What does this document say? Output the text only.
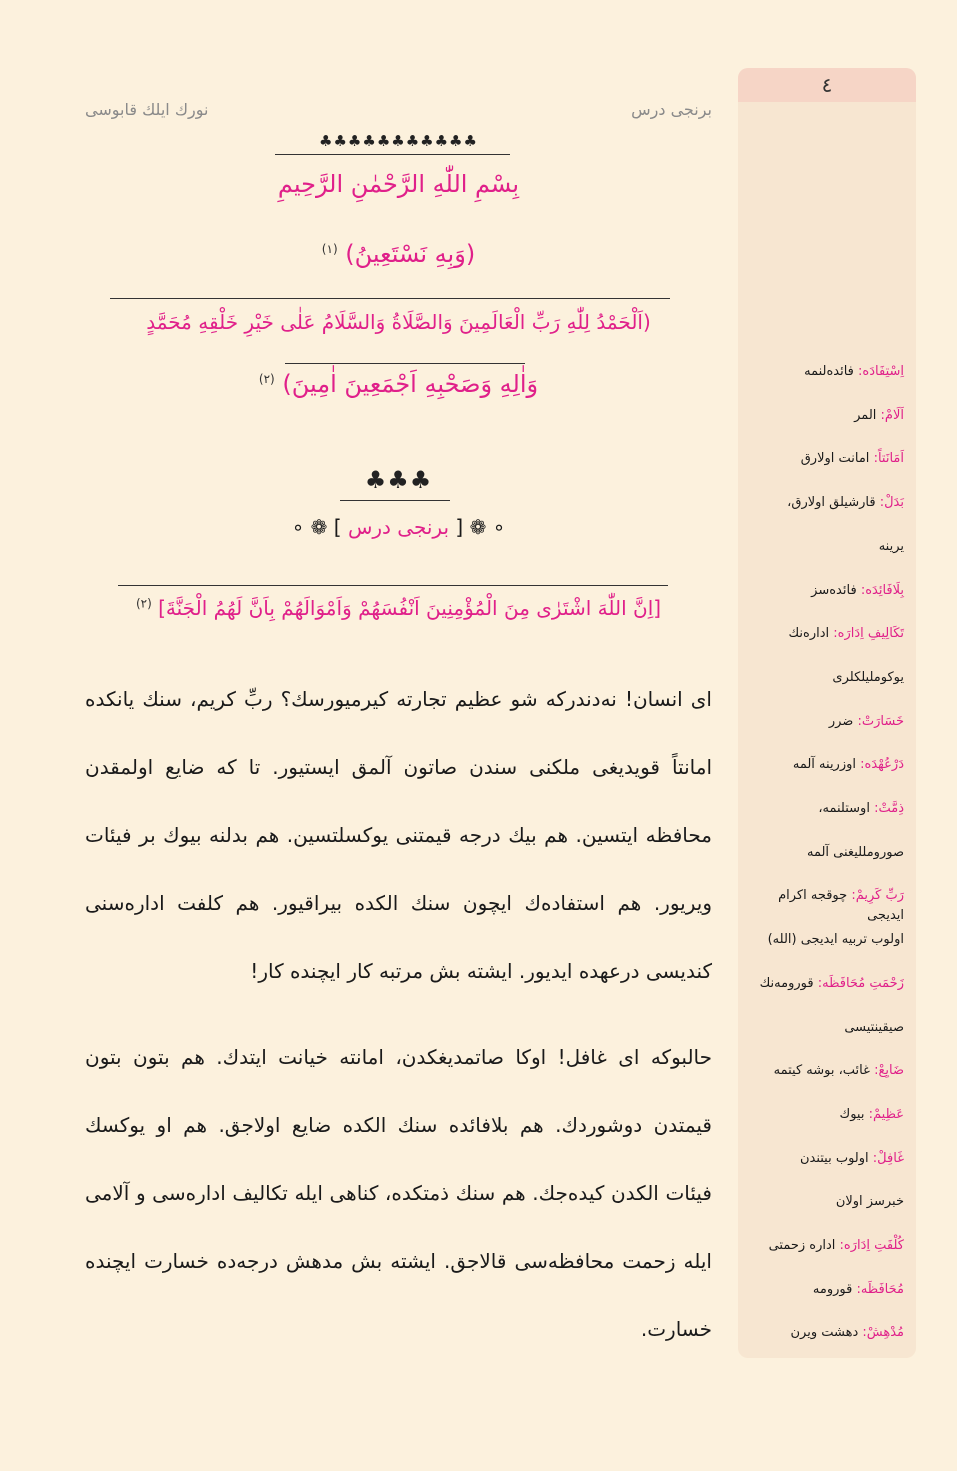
برنجی درس
نورك ايلك قابوسی
♣♣♣♣♣♣♣♣♣♣♣
بِسْمِ اللّٰهِ الرَّحْمٰنِ الرَّحِيمِ
(وَبِهِ نَسْتَعِينُ) $^{(١)}$
(اَلْحَمْدُ لِلّٰهِ رَبِّ الْعَالَمِينَ وَالصَّلَاةُ وَالسَّلَامُ عَلٰى خَيْرِ خَلْقِهِ مُحَمَّدٍ
وَاٰلِهِ وَصَحْبِهِ اَجْمَعِينَ اٰمِينَ) $^{(٢)}$
♣♣♣
∘ ❁ [ برنجی درس ] ❁ ∘
[اِنَّ اللّٰهَ اشْتَرٰى مِنَ الْمُؤْمِنِينَ اَنْفُسَهُمْ وَاَمْوَالَهُمْ بِاَنَّ لَهُمُ الْجَنَّةَ] $^{(٢)}$
ای انسان! نه‌دندرکه شو عظیم تجارته کیرمیورسك؟ ربِّ کریم، سنك یانکده امانتاً قویدیغی ملکنی سندن صاتون آلمق ایستیور. تا که ضایع اولمقدن محافظه ایتسین. هم بیك درجه قیمتنی یوکسلتسین. هم بدلنه بیوك بر فیئات ویریور. هم استفاده‌ك ایچون سنك الکده بیراقیور. هم کلفت اداره‌سنی کندیسی درعهده ایدیور. ایشته بش مرتبه کار ایچنده کار!
حالبوکه ای غافل! اوکا صاتمدیغکدن، امانته خیانت ایتدك. هم بتون بتون قیمتدن دوشوردك. هم بلافائده سنك الکده ضایع اولاجق. هم او یوکسك فیئات الکدن کیده‌جك. هم سنك ذمتکده، کناهی ایله تکالیف اداره‌سی و آلامی ایله زحمت محافظه‌سی قالاجق. ایشته بش مدهش درجه‌ده خسارت ایچنده خسارت.
٤
اِسْتِفَادَه: فائده‌لنمه
اَلَامْ: المر
اَمَانَتاً: امانت اولارق
بَدَلْ: قارشیلق اولارق،
یرینه
بِلَافَائِدَه: فائده‌سز
تَكَالِيفِ اِدَارَه: اداره‌نك
یوکوملیلکلری
خَسَارَتْ: ضرر
دَرْعُهْدَه: اوزرینه آلمه
ذِمَّتْ: اوستلنمه،
صورومللیغنی آلمه
رَبِّ كَرِيمْ: چوقجه اکرام ایدیجی
اولوب تربیه ایدیجی (الله)
زَحْمَتِ مُحَافَظَه: قورومه‌نك
صیقینتیسی
ضَايِعْ: غائب، بوشه کیتمه
عَظِيمْ: بیوك
غَافِلْ: اولوب بیتندن
خبرسز اولان
كُلْفَتِ اِدَارَه: اداره زحمتی
مُحَافَظَه: قورومه
مُدْهِشْ: دهشت ویرن
